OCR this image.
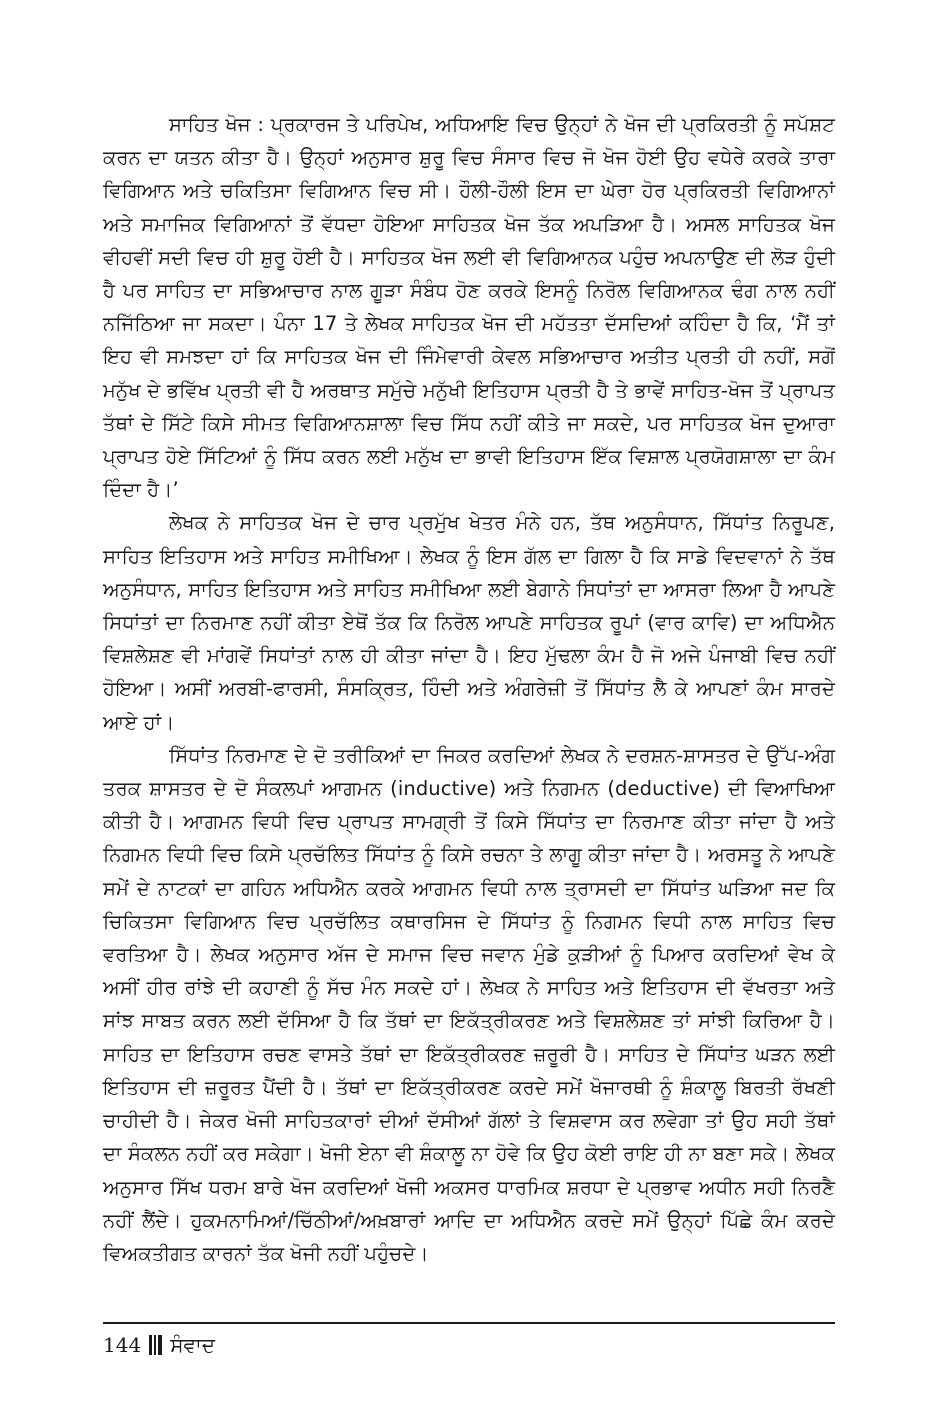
ਸਾਹਿਤ ਖੋਜ : ਪ੍ਰਕਾਰਜ ਤੇ ਪਰਿਪੇਖ, ਅਧਿਆਇ ਵਿਚ ਉਨ੍ਹਾਂ ਨੇ ਖੋਜ ਦੀ ਪ੍ਰਕਿਰਤੀ ਨੂੰ ਸਪੱਸ਼ਟ ਕਰਨ ਦਾ ਯਤਨ ਕੀਤਾ ਹੈ। ਉਨ੍ਹਾਂ ਅਨੁਸਾਰ ਸ਼ੁਰੂ ਵਿਚ ਸੰਸਾਰ ਵਿਚ ਜੋ ਖੋਜ ਹੋਈ ਉਹ ਵਧੇਰੇ ਕਰਕੇ ਤਾਰਾ ਵਿਗਿਆਨ ਅਤੇ ਚਕਿਤਿਸਾ ਵਿਗਿਆਨ ਵਿਚ ਸੀ। ਹੌਲੀ-ਹੌਲੀ ਇਸ ਦਾ ਘੇਰਾ ਹੋਰ ਪ੍ਰਕਿਰਤੀ ਵਿਗਿਆਨਾਂ ਅਤੇ ਸਮਾਜਿਕ ਵਿਗਿਆਨਾਂ ਤੋਂ ਵੱਧਦਾ ਹੋਇਆ ਸਾਹਿਤਕ ਖੋਜ ਤੱਕ ਅਪੜਿਆ ਹੈ। ਅਸਲ ਸਾਹਿਤਕ ਖੋਜ ਵੀਹਵੀਂ ਸਦੀ ਵਿਚ ਹੀ ਸ਼ੁਰੂ ਹੋਈ ਹੈ। ਸਾਹਿਤਕ ਖੋਜ ਲਈ ਵੀ ਵਿਗਿਆਨਕ ਪਹੁੰਚ ਅਪਨਾਉਣ ਦੀ ਲੋੜ ਹੁੰਦੀ ਹੈ ਪਰ ਸਾਹਿਤ ਦਾ ਸਭਿਆਚਾਰ ਨਾਲ ਗੂੜਾ ਸੰਬੰਧ ਹੋਣ ਕਰਕੇ ਇਸਨੂੰ ਨਿਰੋਲ ਵਿਗਿਆਨਕ ਢੰਗ ਨਾਲ ਨਹੀਂ ਨਜਿੱਠਿਆ ਜਾ ਸਕਦਾ। ਪੰਨਾ 17 ਤੇ ਲੇਖਕ ਸਾਹਿਤਕ ਖੋਜ ਦੀ ਮਹੱਤਤਾ ਦੱਸਦਿਆਂ ਕਹਿੰਦਾ ਹੈ ਕਿ, ‘ਮੈਂ ਤਾਂ ਇਹ ਵੀ ਸਮਝਦਾ ਹਾਂ ਕਿ ਸਾਹਿਤਕ ਖੋਜ ਦੀ ਜਿੰਮੇਵਾਰੀ ਕੇਵਲ ਸਭਿਆਚਾਰ ਅਤੀਤ ਪ੍ਰਤੀ ਹੀ ਨਹੀਂ, ਸਗੋਂ ਮਨੁੱਖ ਦੇ ਭਵਿੱਖ ਪ੍ਰਤੀ ਵੀ ਹੈ ਅਰਥਾਤ ਸਮੁੱਚੇ ਮਨੁੱਖੀ ਇਤਿਹਾਸ ਪ੍ਰਤੀ ਹੈ ਤੇ ਭਾਵੇਂ ਸਾਹਿਤ-ਖੋਜ ਤੋਂ ਪ੍ਰਾਪਤ ਤੱਥਾਂ ਦੇ ਸਿੱਟੇ ਕਿਸੇ ਸੀਮਤ ਵਿਗਿਆਨਸ਼ਾਲਾ ਵਿਚ ਸਿੱਧ ਨਹੀਂ ਕੀਤੇ ਜਾ ਸਕਦੇ, ਪਰ ਸਾਹਿਤਕ ਖੋਜ ਦੁਆਰਾ ਪ੍ਰਾਪਤ ਹੋਏ ਸਿੱਟਿਆਂ ਨੂੰ ਸਿੱਧ ਕਰਨ ਲਈ ਮਨੁੱਖ ਦਾ ਭਾਵੀ ਇਤਿਹਾਸ ਇੱਕ ਵਿਸ਼ਾਲ ਪ੍ਰਯੋਗਸ਼ਾਲਾ ਦਾ ਕੰਮ ਦਿੰਦਾ ਹੈ।’

ਲੇਖਕ ਨੇ ਸਾਹਿਤਕ ਖੋਜ ਦੇ ਚਾਰ ਪ੍ਰਮੁੱਖ ਖੇਤਰ ਮੰਨੇ ਹਨ, ਤੱਥ ਅਨੁਸੰਧਾਨ, ਸਿੱਧਾਂਤ ਨਿਰੂਪਣ, ਸਾਹਿਤ ਇਤਿਹਾਸ ਅਤੇ ਸਾਹਿਤ ਸਮੀਖਿਆ। ਲੇਖਕ ਨੂੰ ਇਸ ਗੱਲ ਦਾ ਗਿਲਾ ਹੈ ਕਿ ਸਾਡੇ ਵਿਦਵਾਨਾਂ ਨੇ ਤੱਥ ਅਨੁਸੰਧਾਨ, ਸਾਹਿਤ ਇਤਿਹਾਸ ਅਤੇ ਸਾਹਿਤ ਸਮੀਖਿਆ ਲਈ ਬੇਗਾਨੇ ਸਿਧਾਂਤਾਂ ਦਾ ਆਸਰਾ ਲਿਆ ਹੈ ਆਪਣੇ ਸਿਧਾਂਤਾਂ ਦਾ ਨਿਰਮਾਣ ਨਹੀਂ ਕੀਤਾ ਏਥੋਂ ਤੱਕ ਕਿ ਨਿਰੋਲ ਆਪਣੇ ਸਾਹਿਤਕ ਰੂਪਾਂ (ਵਾਰ ਕਾਵਿ) ਦਾ ਅਧਿਐਨ ਵਿਸ਼ਲੇਸ਼ਣ ਵੀ ਮਾਂਗਵੇਂ ਸਿਧਾਂਤਾਂ ਨਾਲ ਹੀ ਕੀਤਾ ਜਾਂਦਾ ਹੈ। ਇਹ ਮੁੱਢਲਾ ਕੰਮ ਹੈ ਜੋ ਅਜੇ ਪੰਜਾਬੀ ਵਿਚ ਨਹੀਂ ਹੋਇਆ। ਅਸੀਂ ਅਰਬੀ-ਫਾਰਸੀ, ਸੰਸਕ੍ਰਿਤ, ਹਿੰਦੀ ਅਤੇ ਅੰਗਰੇਜ਼ੀ ਤੋਂ ਸਿੱਧਾਂਤ ਲੈ ਕੇ ਆਪਣਾਂ ਕੰਮ ਸਾਰਦੇ ਆਏ ਹਾਂ।

ਸਿੱਧਾਂਤ ਨਿਰਮਾਣ ਦੇ ਦੋ ਤਰੀਕਿਆਂ ਦਾ ਜਿਕਰ ਕਰਦਿਆਂ ਲੇਖਕ ਨੇ ਦਰਸ਼ਨ-ਸ਼ਾਸਤਰ ਦੇ ਉੱਪ-ਅੰਗ ਤਰਕ ਸ਼ਾਸਤਰ ਦੇ ਦੋ ਸੰਕਲਪਾਂ ਆਗਮਨ (inductive) ਅਤੇ ਨਿਗਮਨ (deductive) ਦੀ ਵਿਆਖਿਆ ਕੀਤੀ ਹੈ। ਆਗਮਨ ਵਿਧੀ ਵਿਚ ਪ੍ਰਾਪਤ ਸਾਮਗ੍ਰੀ ਤੋਂ ਕਿਸੇ ਸਿੱਧਾਂਤ ਦਾ ਨਿਰਮਾਣ ਕੀਤਾ ਜਾਂਦਾ ਹੈ ਅਤੇ ਨਿਗਮਨ ਵਿਧੀ ਵਿਚ ਕਿਸੇ ਪ੍ਰਚੱਲਿਤ ਸਿੱਧਾਂਤ ਨੂੰ ਕਿਸੇ ਰਚਨਾ ਤੇ ਲਾਗੂ ਕੀਤਾ ਜਾਂਦਾ ਹੈ। ਅਰਸਤੂ ਨੇ ਆਪਣੇ ਸਮੇਂ ਦੇ ਨਾਟਕਾਂ ਦਾ ਗਹਿਨ ਅਧਿਐਨ ਕਰਕੇ ਆਗਮਨ ਵਿਧੀ ਨਾਲ ਤ੍ਰਾਸਦੀ ਦਾ ਸਿੱਧਾਂਤ ਘੜਿਆ ਜਦ ਕਿ ਚਿਕਿਤਸਾ ਵਿਗਿਆਨ ਵਿਚ ਪ੍ਰਚੱਲਿਤ ਕਥਾਰਸਿਜ ਦੇ ਸਿੱਧਾਂਤ ਨੂੰ ਨਿਗਮਨ ਵਿਧੀ ਨਾਲ ਸਾਹਿਤ ਵਿਚ ਵਰਤਿਆ ਹੈ। ਲੇਖਕ ਅਨੁਸਾਰ ਅੱਜ ਦੇ ਸਮਾਜ ਵਿਚ ਜਵਾਨ ਮੁੰਡੇ ਕੁੜੀਆਂ ਨੂੰ ਪਿਆਰ ਕਰਦਿਆਂ ਵੇਖ ਕੇ ਅਸੀਂ ਹੀਰ ਰਾਂਝੇ ਦੀ ਕਹਾਣੀ ਨੂੰ ਸੱਚ ਮੰਨ ਸਕਦੇ ਹਾਂ। ਲੇਖਕ ਨੇ ਸਾਹਿਤ ਅਤੇ ਇਤਿਹਾਸ ਦੀ ਵੱਖਰਤਾ ਅਤੇ ਸਾਂਝ ਸਾਬਤ ਕਰਨ ਲਈ ਦੱਸਿਆ ਹੈ ਕਿ ਤੱਥਾਂ ਦਾ ਇਕੱਤ੍ਰੀਕਰਣ ਅਤੇ ਵਿਸ਼ਲੇਸ਼ਣ ਤਾਂ ਸਾਂਝੀ ਕਿਰਿਆ ਹੈ। ਸਾਹਿਤ ਦਾ ਇਤਿਹਾਸ ਰਚਣ ਵਾਸਤੇ ਤੱਥਾਂ ਦਾ ਇਕੱਤ੍ਰੀਕਰਣ ਜ਼ਰੂਰੀ ਹੈ। ਸਾਹਿਤ ਦੇ ਸਿੱਧਾਂਤ ਘੜਨ ਲਈ ਇਤਿਹਾਸ ਦੀ ਜ਼ਰੂਰਤ ਪੈਂਦੀ ਹੈ। ਤੱਥਾਂ ਦਾ ਇਕੱਤ੍ਰੀਕਰਣ ਕਰਦੇ ਸਮੇਂ ਖੋਜਾਰਥੀ ਨੂੰ ਸ਼ੰਕਾਲੂ ਬਿਰਤੀ ਰੱਖਣੀ ਚਾਹੀਦੀ ਹੈ। ਜੇਕਰ ਖੋਜੀ ਸਾਹਿਤਕਾਰਾਂ ਦੀਆਂ ਦੱਸੀਆਂ ਗੱਲਾਂ ਤੇ ਵਿਸ਼ਵਾਸ ਕਰ ਲਵੇਗਾ ਤਾਂ ਉਹ ਸਹੀ ਤੱਥਾਂ ਦਾ ਸੰਕਲਨ ਨਹੀਂ ਕਰ ਸਕੇਗਾ। ਖੋਜੀ ਏਨਾ ਵੀ ਸ਼ੰਕਾਲੂ ਨਾ ਹੋਵੇ ਕਿ ਉਹ ਕੋਈ ਰਾਇ ਹੀ ਨਾ ਬਣਾ ਸਕੇ। ਲੇਖਕ ਅਨੁਸਾਰ ਸਿੱਖ ਧਰਮ ਬਾਰੇ ਖੋਜ ਕਰਦਿਆਂ ਖੋਜੀ ਅਕਸਰ ਧਾਰਮਿਕ ਸ਼ਰਧਾ ਦੇ ਪ੍ਰਭਾਵ ਅਧੀਨ ਸਹੀ ਨਿਰਣੈ ਨਹੀਂ ਲੈਂਦੇ। ਹੁਕਮਨਾਮਿਆਂ/ਚਿੱਠੀਆਂ/ਅਖ਼ਬਾਰਾਂ ਆਦਿ ਦਾ ਅਧਿਐਨ ਕਰਦੇ ਸਮੇਂ ਉਨ੍ਹਾਂ ਪਿੱਛੇ ਕੰਮ ਕਰਦੇ ਵਿਅਕਤੀਗਤ ਕਾਰਨਾਂ ਤੱਕ ਖੋਜੀ ਨਹੀਂ ਪਹੁੰਚਦੇ।

144 ਸੰਵਾਦ
